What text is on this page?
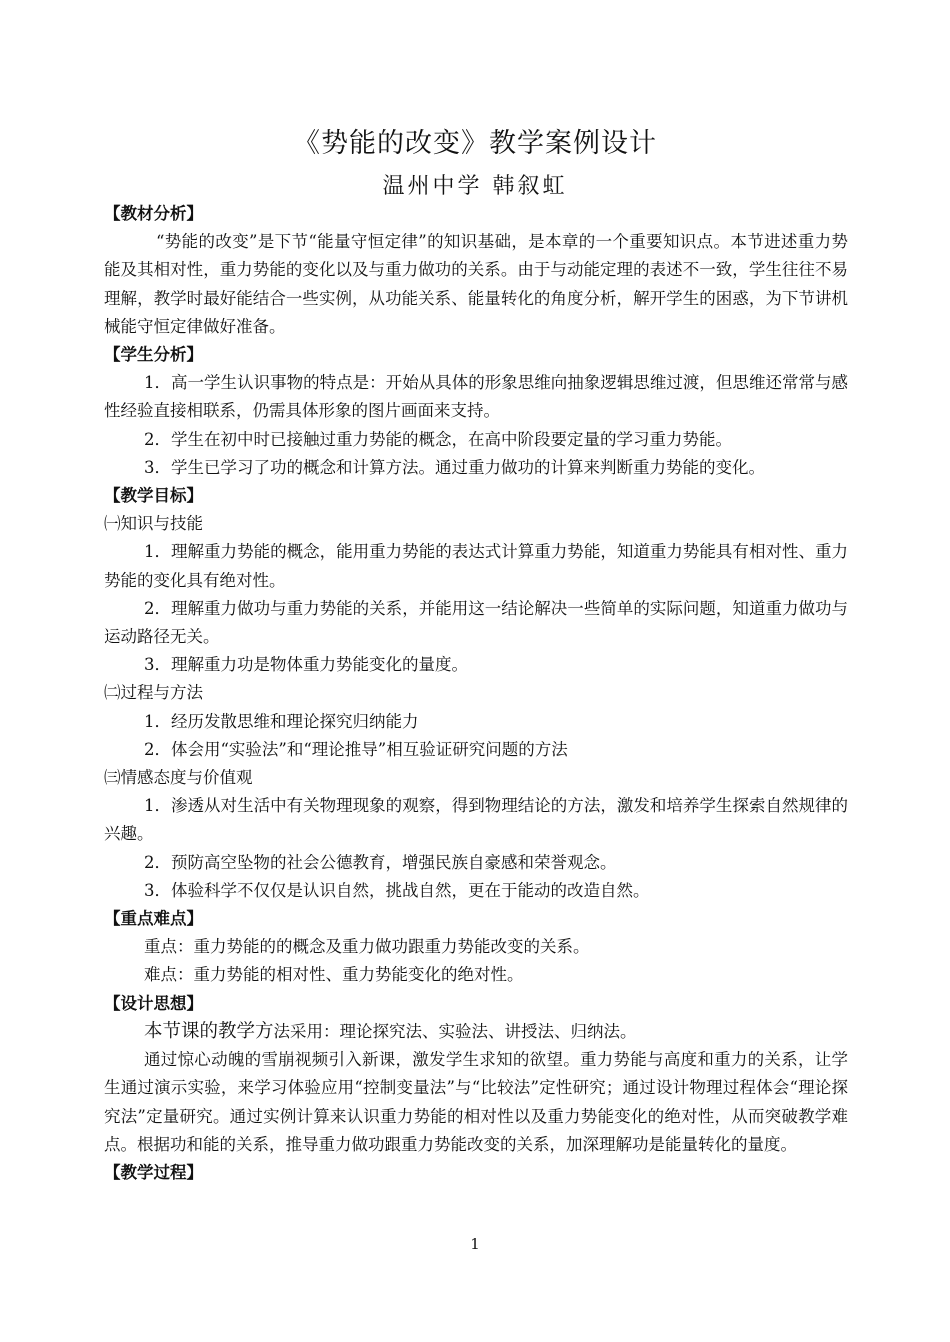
《势能的改变》教学案例设计
温州中学 韩叙虹

【教材分析】

“势能的改变”是下节“能量守恒定律”的知识基础，是本章的一个重要知识点。本节进述重力势能及其相对性，重力势能的变化以及与重力做功的关系。由于与动能定理的表述不一致，学生往往不易理解，教学时最好能结合一些实例，从功能关系、能量转化的角度分析，解开学生的困惑，为下节讲机械能守恒定律做好准备。

【学生分析】

1．高一学生认识事物的特点是：开始从具体的形象思维向抽象逻辑思维过渡，但思维还常常与感性经验直接相联系，仍需具体形象的图片画面来支持。

2．学生在初中时已接触过重力势能的概念，在高中阶段要定量的学习重力势能。

3．学生已学习了功的概念和计算方法。通过重力做功的计算来判断重力势能的变化。

【教学目标】

㈠知识与技能

1．理解重力势能的概念，能用重力势能的表达式计算重力势能，知道重力势能具有相对性、重力势能的变化具有绝对性。

2．理解重力做功与重力势能的关系，并能用这一结论解决一些简单的实际问题，知道重力做功与运动路径无关。

3．理解重力功是物体重力势能变化的量度。

㈡过程与方法

1．经历发散思维和理论探究归纳能力

2．体会用“实验法”和“理论推导”相互验证研究问题的方法

㈢情感态度与价值观

1．渗透从对生活中有关物理现象的观察，得到物理结论的方法，激发和培养学生探索自然规律的兴趣。

2．预防高空坠物的社会公德教育，增强民族自豪感和荣誉观念。

3．体验科学不仅仅是认识自然，挑战自然，更在于能动的改造自然。

【重点难点】

重点：重力势能的的概念及重力做功跟重力势能改变的关系。

难点：重力势能的相对性、重力势能变化的绝对性。

【设计思想】

本节课的教学方法采用：理论探究法、实验法、讲授法、归纳法。

通过惊心动魄的雪崩视频引入新课，激发学生求知的欲望。重力势能与高度和重力的关系，让学生通过演示实验，来学习体验应用“控制变量法”与“比较法”定性研究；通过设计物理过程体会“理论探究法”定量研究。通过实例计算来认识重力势能的相对性以及重力势能变化的绝对性，从而突破教学难点。根据功和能的关系，推导重力做功跟重力势能改变的关系，加深理解功是能量转化的量度。

【教学过程】

1
